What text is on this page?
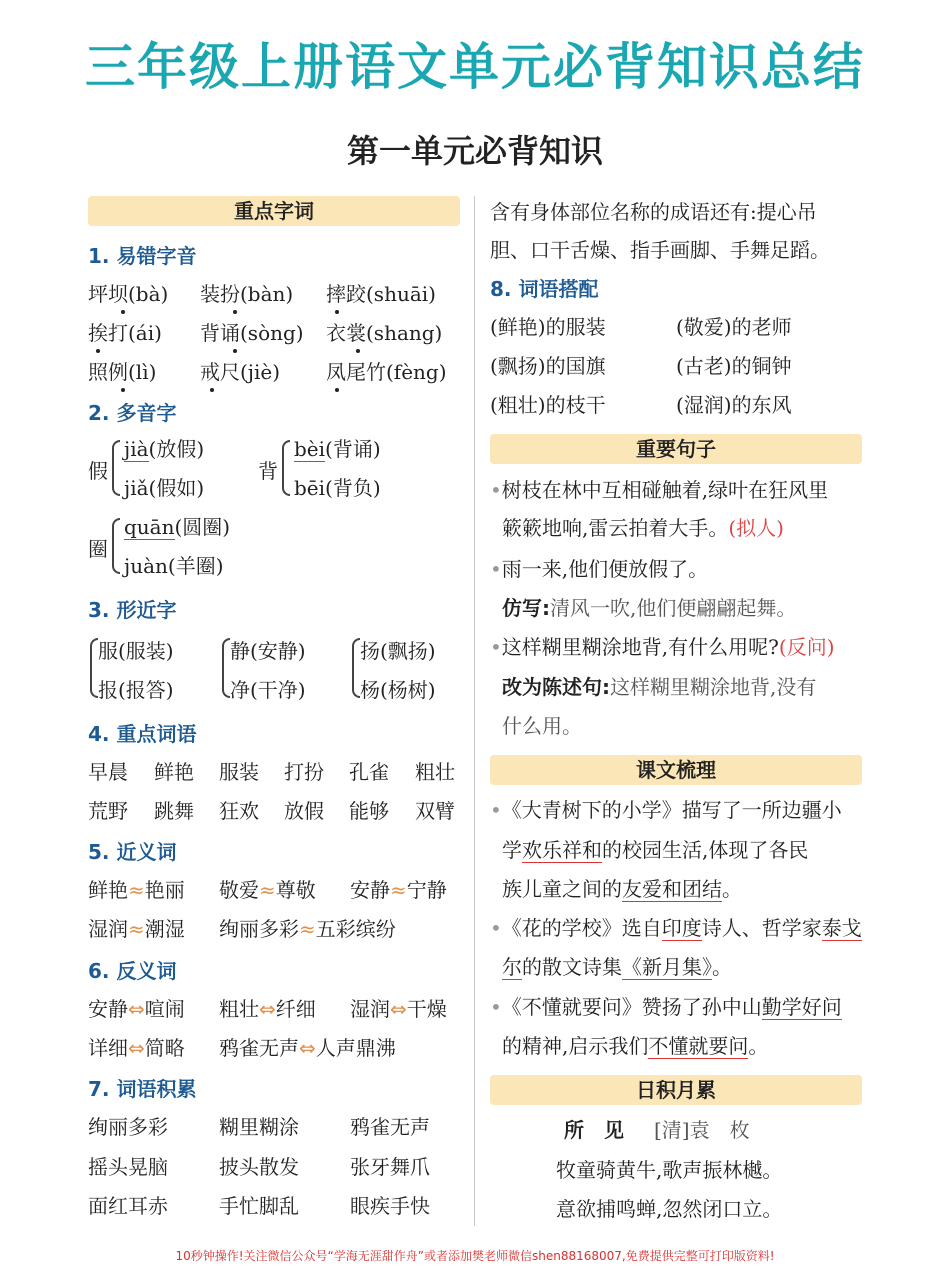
三年级上册语文单元必背知识总结
第一单元必背知识
重点字词
1. 易错字音
坪坝(bà) 装扮(bàn) 摔跤(shuāi)
挨打(ái) 背诵(sòng) 衣裳(shang)
照例(lì) 戒尺(jiè) 凤尾竹(fèng)
2. 多音字
假
jià(放假)
jiǎ(假如)
背
bèi(背诵)
bēi(背负)
圈
quān(圆圈)
juàn(羊圈)
3. 形近字
服(服装)
报(报答)
静(安静)
净(干净)
扬(飘扬)
杨(杨树)
4. 重点词语
早晨 鲜艳 服装 打扮 孔雀 粗壮
荒野 跳舞 狂欢 放假 能够 双臂
5. 近义词
鲜艳≈艳丽 敬爱≈尊敬 安静≈宁静
湿润≈潮湿 绚丽多彩≈五彩缤纷
6. 反义词
安静⇔喧闹 粗壮⇔纤细 湿润⇔干燥
详细⇔简略 鸦雀无声⇔人声鼎沸
7. 词语积累
绚丽多彩	糊里糊涂	鸦雀无声
摇头晃脑	披头散发	张牙舞爪
面红耳赤	手忙脚乱	眼疾手快
含有身体部位名称的成语还有:提心吊
胆、口干舌燥、指手画脚、手舞足蹈。
8. 词语搭配
(鲜艳)的服装	(敬爱)的老师
(飘扬)的国旗	(古老)的铜钟
(粗壮)的枝干	(湿润)的东风
重要句子
•树枝在林中互相碰触着,绿叶在狂风里
簌簌地响,雷云拍着大手。(拟人)
•雨一来,他们便放假了。
仿写:清风一吹,他们便翩翩起舞。
•这样糊里糊涂地背,有什么用呢?(反问)
改为陈述句:这样糊里糊涂地背,没有
什么用。
课文梳理
•《大青树下的小学》描写了一所边疆小
学欢乐祥和的校园生活,体现了各民
族儿童之间的友爱和团结。
•《花的学校》选自印度诗人、哲学家泰戈
尔的散文诗集《新月集》。
•《不懂就要问》赞扬了孙中山勤学好问
的精神,启示我们不懂就要问。
日积月累
所　见 [清]袁　枚
牧童骑黄牛,歌声振林樾。
意欲捕鸣蝉,忽然闭口立。
10秒钟操作!关注微信公众号“学海无涯甜作舟”或者添加樊老师微信shen88168007,免费提供完整可打印版资料!
